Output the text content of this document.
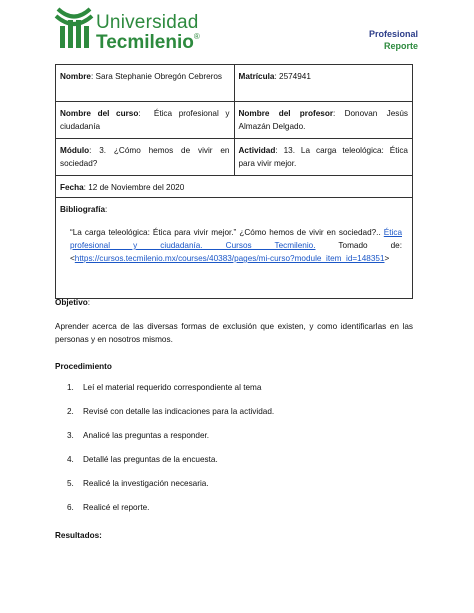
Universidad
Tecmilenio®	Profesional
Reporte
Nombre: Sara Stephanie Obregón Cebreros	Matrícula: 2574941
Nombre del curso:  Ética profesional y ciudadanía	Nombre del profesor: Donovan Jesús Almazán Delgado.
Módulo: 3. ¿Cómo hemos de vivir en sociedad?	Actividad: 13. La carga teleológica: Ética para vivir mejor.
Fecha: 12 de Noviembre del 2020	
Bibliografía:
“La carga teleológica: Ética para vivir mejor.” ¿Cómo hemos de vivir en sociedad?.. Ética profesional y ciudadanía. Cursos Tecmilenio. Tomado de: <https://cursos.tecmilenio.mx/courses/40383/pages/mi-curso?module_item_id=148351>	
Objetivo:
Aprender acerca de las diversas formas de exclusión que existen, y como identificarlas en las personas y en nosotros mismos.
Procedimiento
1. Leí el material requerido correspondiente al tema
2. Revisé con detalle las indicaciones para la actividad.
3. Analicé las preguntas a responder.
4. Detallé las preguntas de la encuesta.
5. Realicé la investigación necesaria.
6. Realicé el reporte.
Resultados:
